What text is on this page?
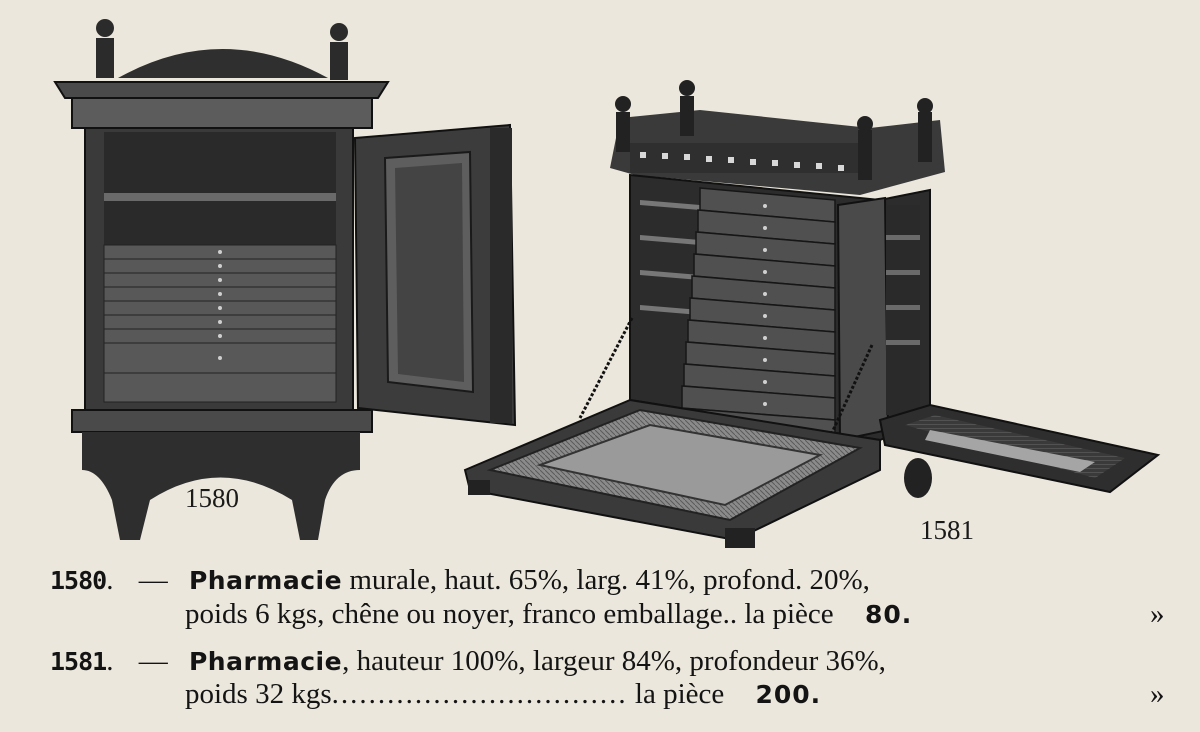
1580
1581
1580. — Pharmacie murale, haut. 65%, larg. 41%, profond. 20%,
poids 6 kgs, chêne ou noyer, franco emballage.. la pièce 80.	»
1581. — Pharmacie, hauteur 100%, largeur 84%, profondeur 36%,
poids 32 kgs................................ la pièce 200.	»
